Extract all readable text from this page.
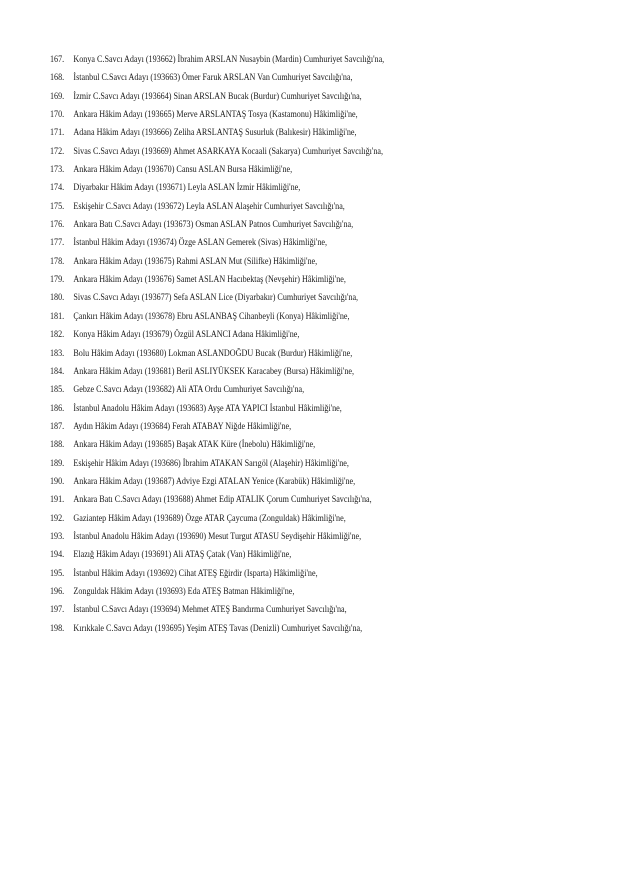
167.	Konya C.Savcı Adayı (193662) İbrahim ARSLAN Nusaybin (Mardin) Cumhuriyet Savcılığı'na,
168.	İstanbul C.Savcı Adayı (193663) Ömer Faruk ARSLAN Van Cumhuriyet Savcılığı'na,
169.	İzmir C.Savcı Adayı (193664) Sinan ARSLAN Bucak (Burdur) Cumhuriyet Savcılığı'na,
170.	Ankara Hâkim Adayı (193665) Merve ARSLANTAŞ Tosya (Kastamonu) Hâkimliği'ne,
171.	Adana Hâkim Adayı (193666) Zeliha ARSLANTAŞ Susurluk (Balıkesir) Hâkimliği'ne,
172.	Sivas C.Savcı Adayı (193669) Ahmet ASARKAYA Kocaali (Sakarya) Cumhuriyet Savcılığı'na,
173.	Ankara Hâkim Adayı (193670) Cansu ASLAN Bursa Hâkimliği'ne,
174.	Diyarbakır Hâkim Adayı (193671) Leyla ASLAN İzmir Hâkimliği'ne,
175.	Eskişehir C.Savcı Adayı (193672) Leyla ASLAN Alaşehir Cumhuriyet Savcılığı'na,
176.	Ankara Batı C.Savcı Adayı (193673) Osman ASLAN Patnos Cumhuriyet Savcılığı'na,
177.	İstanbul Hâkim Adayı (193674) Özge ASLAN Gemerek (Sivas) Hâkimliği'ne,
178.	Ankara Hâkim Adayı (193675) Rahmi ASLAN Mut (Silifke) Hâkimliği'ne,
179.	Ankara Hâkim Adayı (193676) Samet ASLAN Hacıbektaş (Nevşehir) Hâkimliği'ne,
180.	Sivas C.Savcı Adayı (193677) Sefa ASLAN Lice (Diyarbakır) Cumhuriyet Savcılığı'na,
181.	Çankırı Hâkim Adayı (193678) Ebru ASLANBAŞ Cihanbeyli (Konya) Hâkimliği'ne,
182.	Konya Hâkim Adayı (193679) Özgül ASLANCI Adana Hâkimliği'ne,
183.	Bolu Hâkim Adayı (193680) Lokman ASLANDOĞDU Bucak (Burdur) Hâkimliği'ne,
184.	Ankara Hâkim Adayı (193681) Beril ASLIYÜKSEK Karacabey (Bursa) Hâkimliği'ne,
185.	Gebze C.Savcı Adayı (193682) Ali ATA Ordu Cumhuriyet Savcılığı'na,
186.	İstanbul Anadolu Hâkim Adayı (193683) Ayşe ATA YAPICI İstanbul Hâkimliği'ne,
187.	Aydın Hâkim Adayı (193684) Ferah ATABAY Niğde Hâkimliği'ne,
188.	Ankara Hâkim Adayı (193685) Başak ATAK Küre (İnebolu) Hâkimliği'ne,
189.	Eskişehir Hâkim Adayı (193686) İbrahim ATAKAN Sarıgöl (Alaşehir) Hâkimliği'ne,
190.	Ankara Hâkim Adayı (193687) Adviye Ezgi ATALAN Yenice (Karabük) Hâkimliği'ne,
191.	Ankara Batı C.Savcı Adayı (193688) Ahmet Edip ATALIK Çorum Cumhuriyet Savcılığı'na,
192.	Gaziantep Hâkim Adayı (193689) Özge ATAR Çaycuma (Zonguldak) Hâkimliği'ne,
193.	İstanbul Anadolu Hâkim Adayı (193690) Mesut Turgut ATASU Seydişehir Hâkimliği'ne,
194.	Elazığ Hâkim Adayı (193691) Ali ATAŞ Çatak (Van) Hâkimliği'ne,
195.	İstanbul Hâkim Adayı (193692) Cihat ATEŞ Eğirdir (Isparta) Hâkimliği'ne,
196.	Zonguldak Hâkim Adayı (193693) Eda ATEŞ Batman Hâkimliği'ne,
197.	İstanbul C.Savcı Adayı (193694) Mehmet ATEŞ Bandırma Cumhuriyet Savcılığı'na,
198.	Kırıkkale C.Savcı Adayı (193695) Yeşim ATEŞ Tavas (Denizli) Cumhuriyet Savcılığı'na,
